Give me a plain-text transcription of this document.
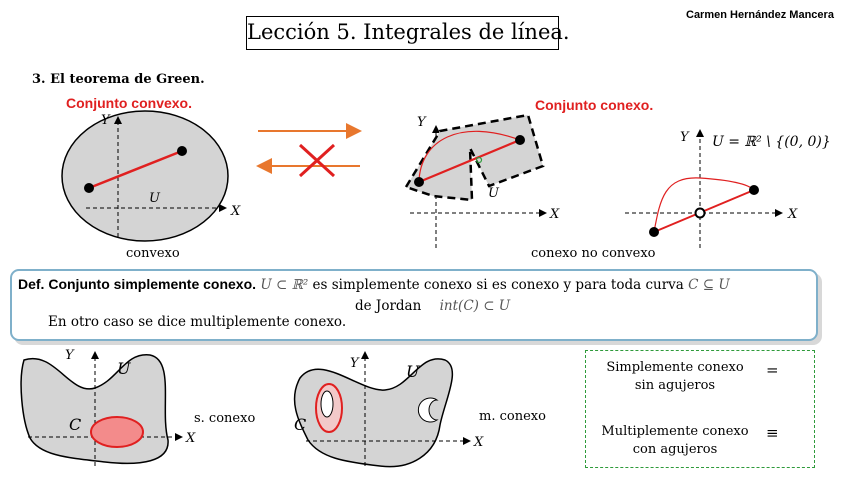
Lección 5. Integrales de línea.
Carmen Hernández Mancera
3. El teorema de Green.
Conjunto convexo.	Conjunto conexo.
Y
X
U
convexo
Y
X
U
conexo no convexo
Y
X
U = ℝ² \ {(0, 0)}
Def. Conjunto simplemente conexo. U ⊂ ℝ² es simplemente conexo si es conexo y para toda curva C ⊆ U
de Jordan int(C) ⊂ U
En otro caso se dice multiplemente conexo.
Y
X
U
C	s. conexo
Y
X
U
C	m. conexo
Simplemente conexo
sin agujeros
=
Multiplemente conexo
con agujeros
≡
